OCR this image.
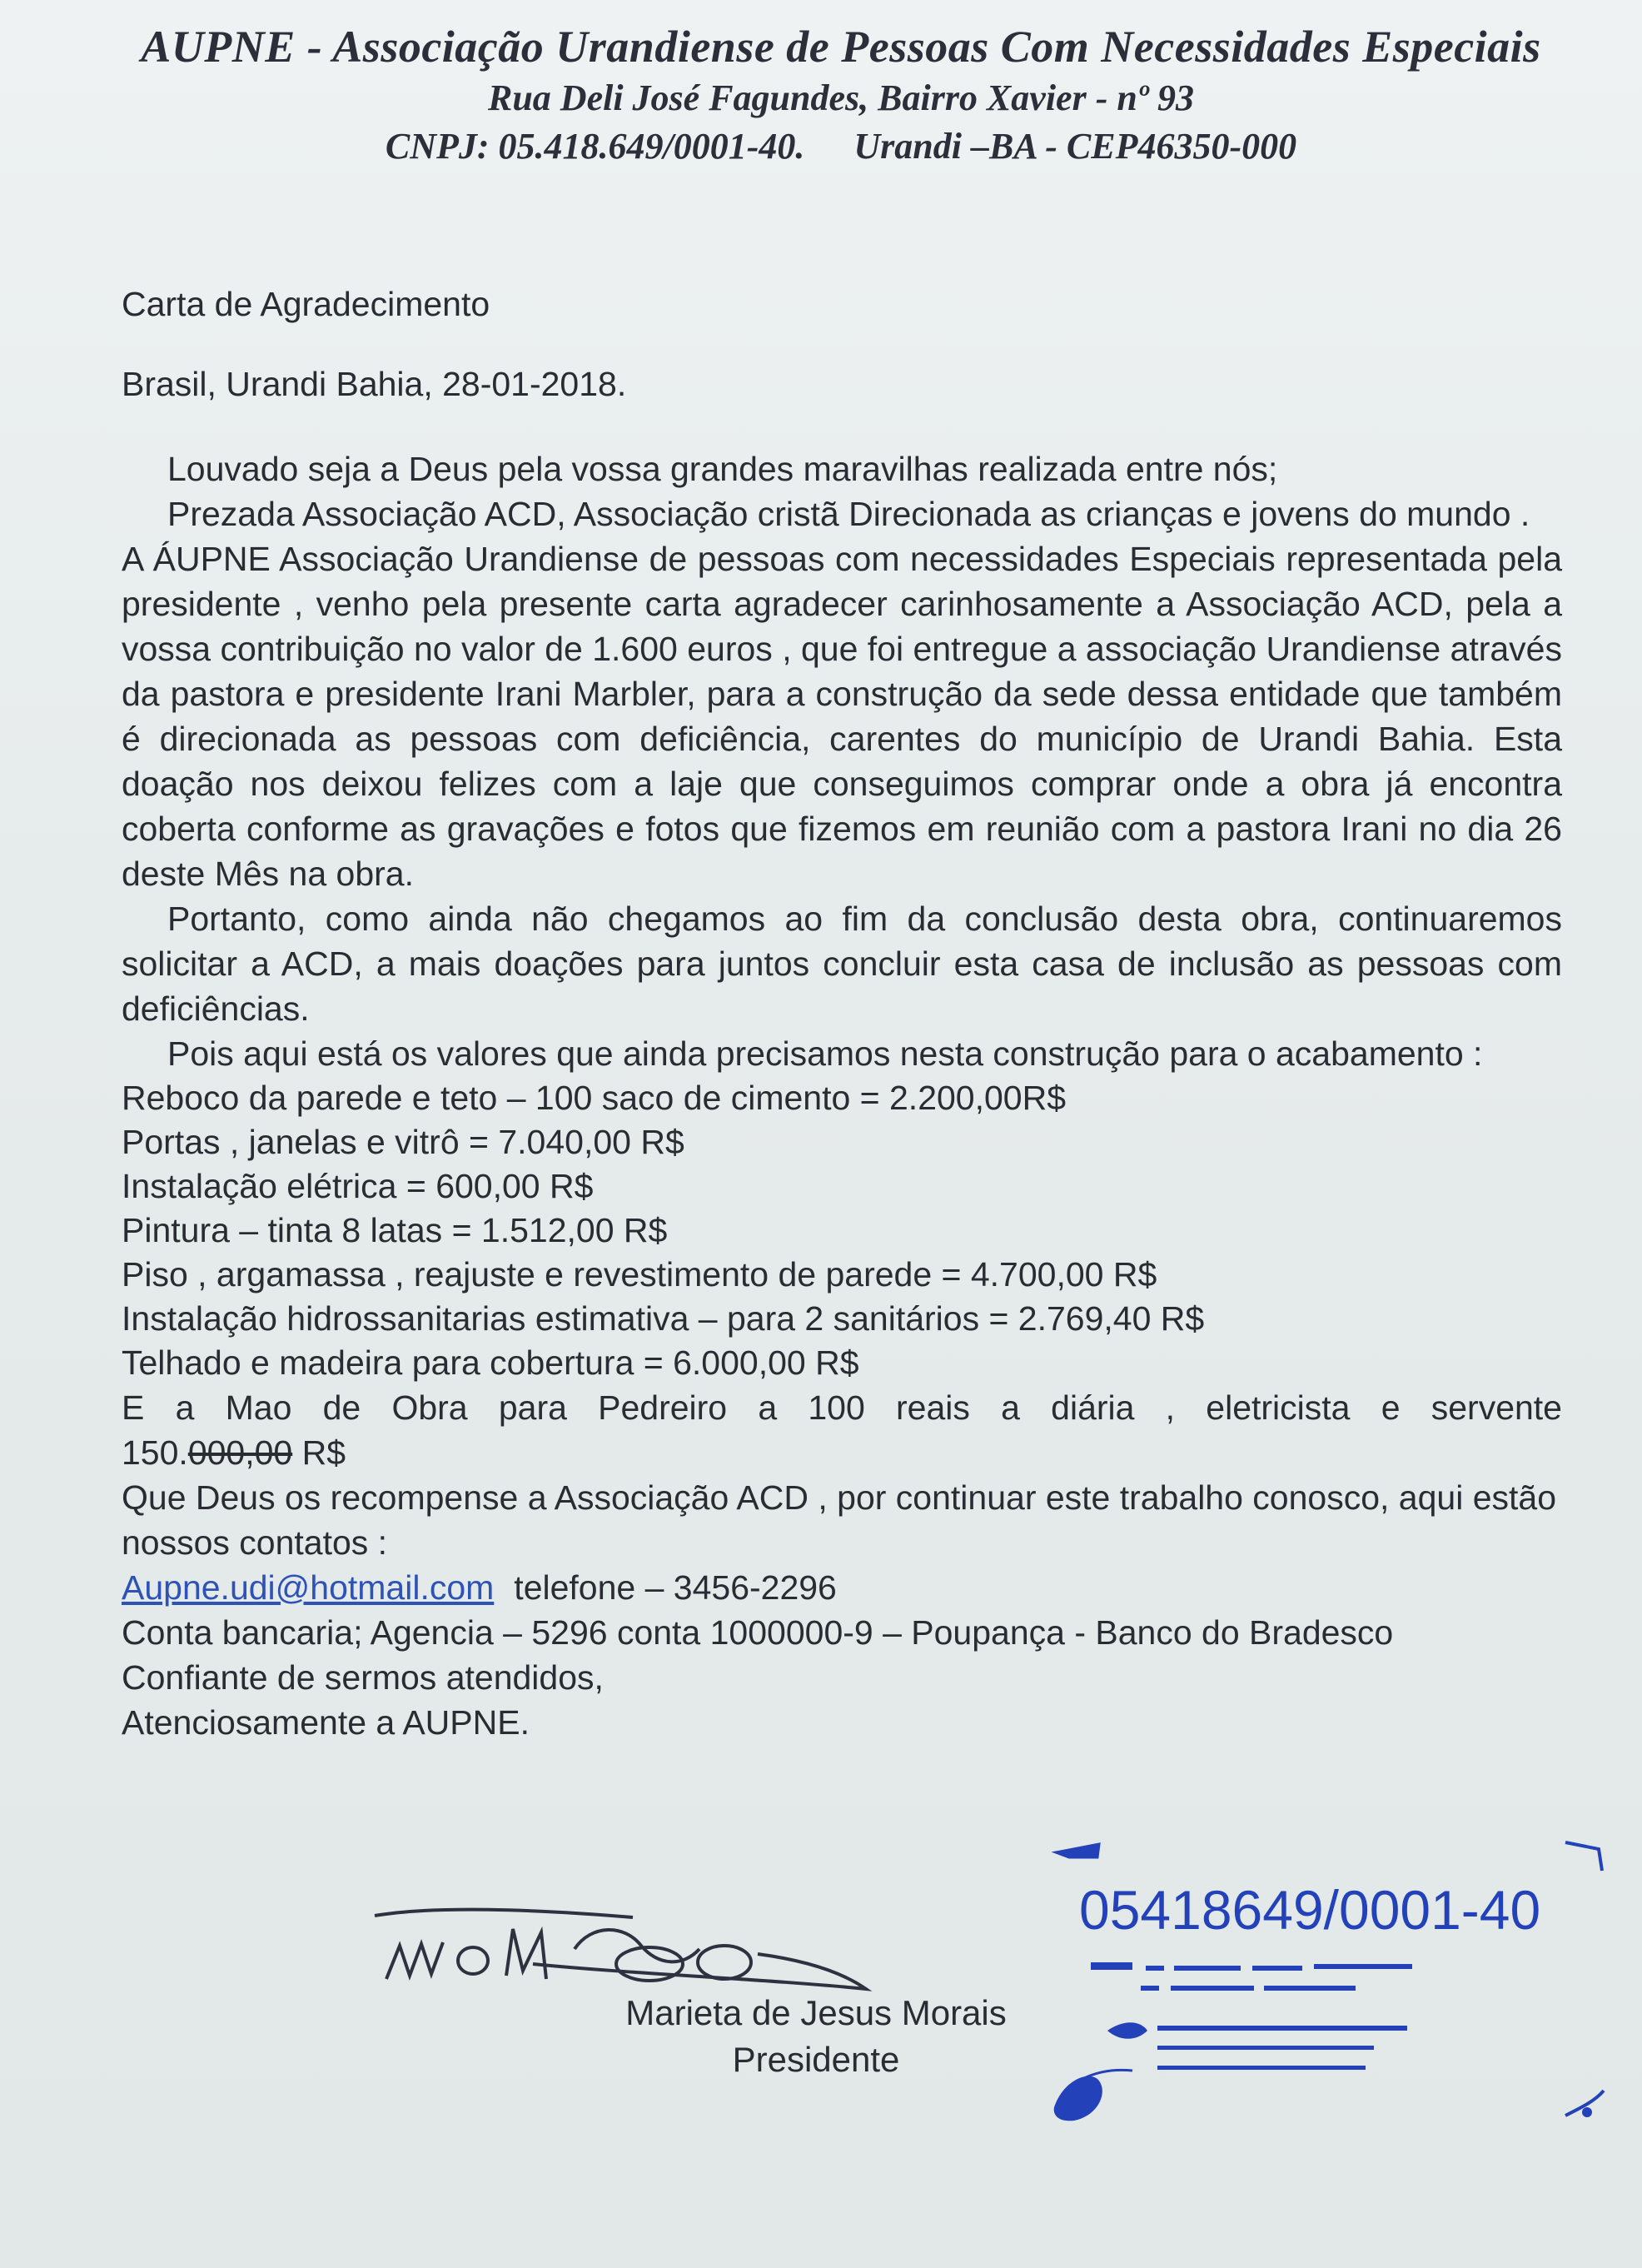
AUPNE - Associação Urandiense de Pessoas Com Necessidades Especiais
Rua Deli José Fagundes, Bairro Xavier - nº 93
CNPJ: 05.418.649/0001-40. Urandi –BA - CEP46350-000

Carta de Agradecimento

Brasil, Urandi Bahia, 28-01-2018.

Louvado seja a Deus pela vossa grandes maravilhas realizada entre nós;

Prezada Associação ACD, Associação cristã Direcionada as crianças e jovens do mundo .

A ÁUPNE Associação Urandiense de pessoas com necessidades Especiais representada pela presidente , venho pela presente carta agradecer carinhosamente a Associação ACD, pela a vossa contribuição no valor de 1.600 euros , que foi entregue a associação Urandiense através da pastora e presidente Irani Marbler, para a construção da sede dessa entidade que também é direcionada as pessoas com deficiência, carentes do município de Urandi Bahia. Esta doação nos deixou felizes com a laje que conseguimos comprar onde a obra já encontra coberta conforme as gravações e fotos que fizemos em reunião com a pastora Irani no dia 26 deste Mês na obra.

Portanto, como ainda não chegamos ao fim da conclusão desta obra, continuaremos solicitar a ACD, a mais doações para juntos concluir esta casa de inclusão as pessoas com deficiências.

Pois aqui está os valores que ainda precisamos nesta construção para o acabamento :

Reboco da parede e teto – 100 saco de cimento = 2.200,00R$

Portas , janelas e vitrô = 7.040,00 R$

Instalação elétrica = 600,00 R$

Pintura – tinta 8 latas = 1.512,00 R$

Piso , argamassa , reajuste e revestimento de parede = 4.700,00 R$

Instalação hidrossanitarias estimativa – para 2 sanitários = 2.769,40 R$

Telhado e madeira para cobertura = 6.000,00 R$

E a Mao de Obra para Pedreiro a 100 reais a diária , eletricista e servente

150.000,00 R$

Que Deus os recompense a Associação ACD , por continuar este trabalho conosco, aqui estão nossos contatos :

Aupne.udi@hotmail.com telefone – 3456-2296

Conta bancaria; Agencia – 5296 conta 1000000-9 – Poupança - Banco do Bradesco

Confiante de sermos atendidos,

Atenciosamente a AUPNE.

Marieta de Jesus Morais
Presidente
05418649/0001-40
